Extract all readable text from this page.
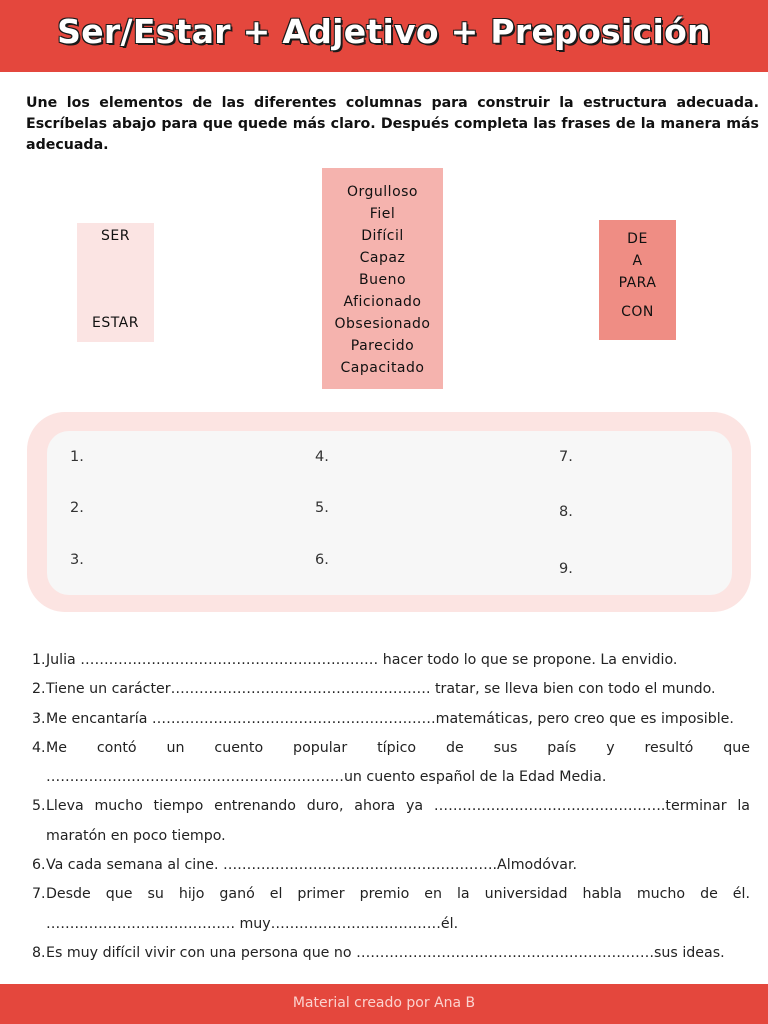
Ser/Estar + Adjetivo + Preposición
Une los elementos de las diferentes columnas para construir la estructura adecuada. Escríbelas abajo para que quede más claro. Después completa las frases de la manera más adecuada.
SER
ESTAR
Orgulloso
Fiel
Difícil
Capaz
Bueno
Aficionado
Obsesionado
Parecido
Capacitado
DE
A
PARA
CON
1.
2.
3.
4.
5.
6.
7.
8.
9.
1. Julia ……………………………………………………… hacer todo lo que se propone. La envidio.
2. Tiene un carácter………………………………………………. tratar, se lleva bien con todo el mundo.
3. Me encantaría ……………………………………………………matemáticas, pero creo que es imposible.
4. Me contó un cuento popular típico de sus país y resultó que ………………………………………………………un cuento español de la Edad Media.
5. Lleva mucho tiempo entrenando duro, ahora ya ………………………………………….terminar la maratón en poco tiempo.
6. Va cada semana al cine. ………………………………………………….Almodóvar.
7. Desde que su hijo ganó el primer premio en la universidad habla mucho de él. …………………………………. muy………………………………él.
8. Es muy difícil vivir con una persona que no ………………………………………………………sus ideas.
Material creado por Ana B
